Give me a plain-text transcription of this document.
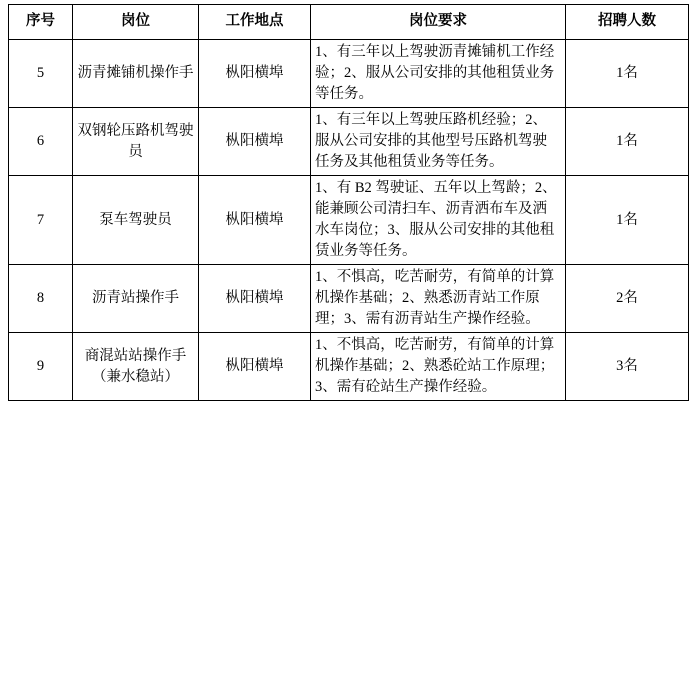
序号	岗位	工作地点	岗位要求	招聘人数
5	沥青摊铺机操作手	枞阳横埠	1、有三年以上驾驶沥青摊铺机工作经验；2、服从公司安排的其他租赁业务等任务。	1名
6	双钢轮压路机驾驶员	枞阳横埠	1、有三年以上驾驶压路机经验；2、服从公司安排的其他型号压路机驾驶任务及其他租赁业务等任务。	1名
7	泵车驾驶员	枞阳横埠	1、有 B2 驾驶证、五年以上驾龄；2、能兼顾公司清扫车、沥青洒布车及洒水车岗位；3、服从公司安排的其他租赁业务等任务。	1名
8	沥青站操作手	枞阳横埠	1、不惧高，吃苦耐劳，有简单的计算机操作基础；2、熟悉沥青站工作原理；3、需有沥青站生产操作经验。	2名
9	商混站站操作手（兼水稳站）	枞阳横埠	1、不惧高，吃苦耐劳，有简单的计算机操作基础；2、熟悉砼站工作原理；3、需有砼站生产操作经验。	3名
